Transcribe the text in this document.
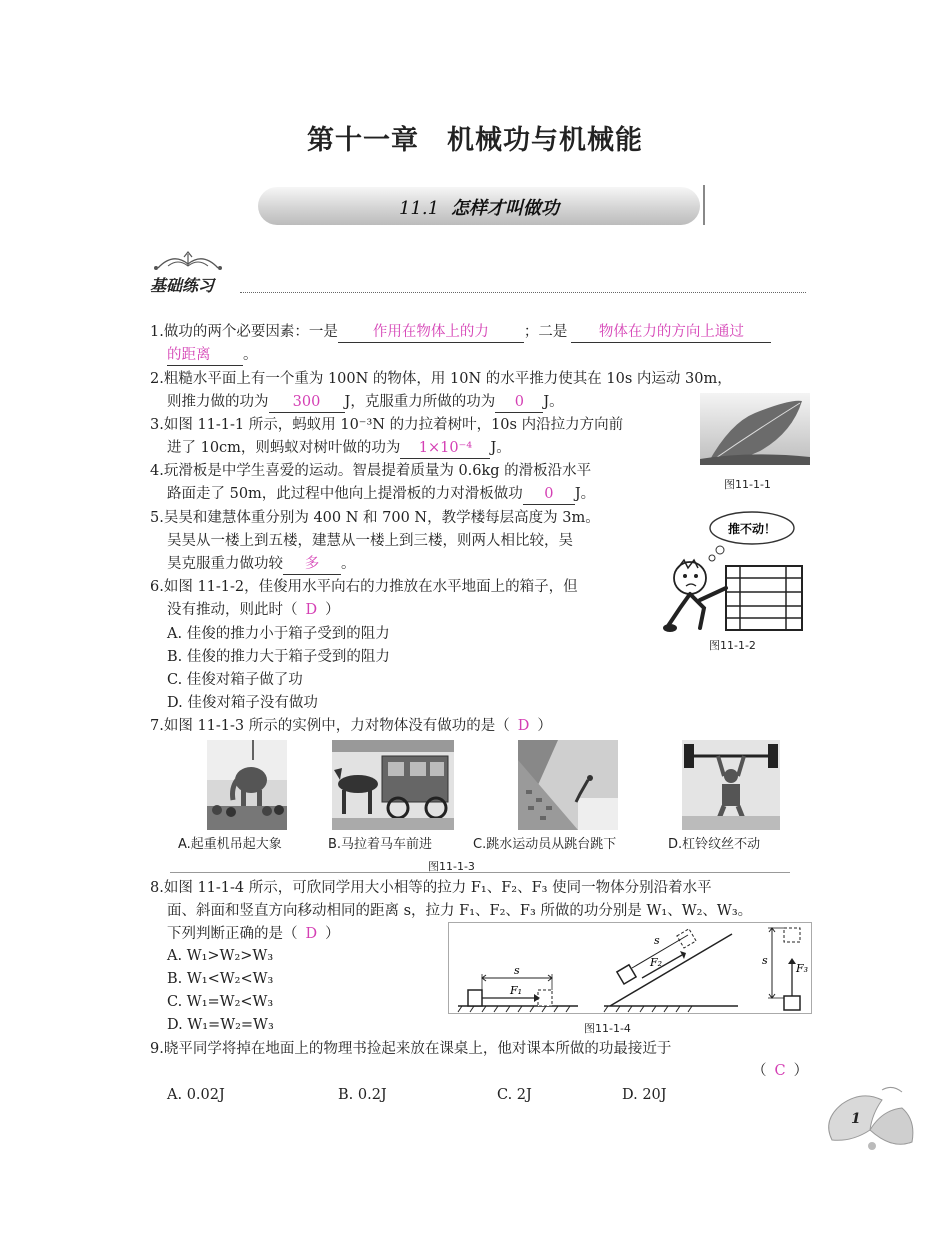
第十一章　机械功与机械能
11.1 怎样才叫做功
基础练习
1.做功的两个必要因素：一是 作用在物体上的力 ；二是 物体在力的方向上通过
的距离 。
2.粗糙水平面上有一个重为 100N 的物体，用 10N 的水平推力使其在 10s 内运动 30m，
则推力做的功为 300 J，克服重力所做的功为 0 J。
3.如图 11-1-1 所示，蚂蚁用 10⁻³N 的力拉着树叶，10s 内沿拉力方向前
进了 10cm，则蚂蚁对树叶做的功为 1×10⁻⁴ J。
图11-1-1
4.玩滑板是中学生喜爱的运动。智晨提着质量为 0.6kg 的滑板沿水平
路面走了 50m，此过程中他向上提滑板的力对滑板做功 0 J。
5.吴昊和建慧体重分别为 400 N 和 700 N，教学楼每层高度为 3m。
吴昊从一楼上到五楼，建慧从一楼上到三楼，则两人相比较，吴
昊克服重力做功较 多 。
推不动！
图11-1-2
6.如图 11-1-2，佳俊用水平向右的力推放在水平地面上的箱子，但
没有推动，则此时（ D ）
A. 佳俊的推力小于箱子受到的阻力
B. 佳俊的推力大于箱子受到的阻力
C. 佳俊对箱子做了功
D. 佳俊对箱子没有做功
7.如图 11-1-3 所示的实例中，力对物体没有做功的是（ D ）
A.起重机吊起大象	B.马拉着马车前进	C.跳水运动员从跳台跳下	D.杠铃纹丝不动
图11-1-3
8.如图 11-1-4 所示，可欣同学用大小相等的拉力 F₁、F₂、F₃ 使同一物体分别沿着水平
面、斜面和竖直方向移动相同的距离 s，拉力 F₁、F₂、F₃ 所做的功分别是 W₁、W₂、W₃。
下列判断正确的是（ D ）
A. W₁>W₂>W₃
B. W₁<W₂<W₃
C. W₁=W₂<W₃
D. W₁=W₂=W₃
s
F₁
s
F₂	s
F₃
图11-1-4
9.晓平同学将掉在地面上的物理书捡起来放在课桌上，他对课本所做的功最接近于
（ C ）
A. 0.02J	B. 0.2J	C. 2J	D. 20J
1
